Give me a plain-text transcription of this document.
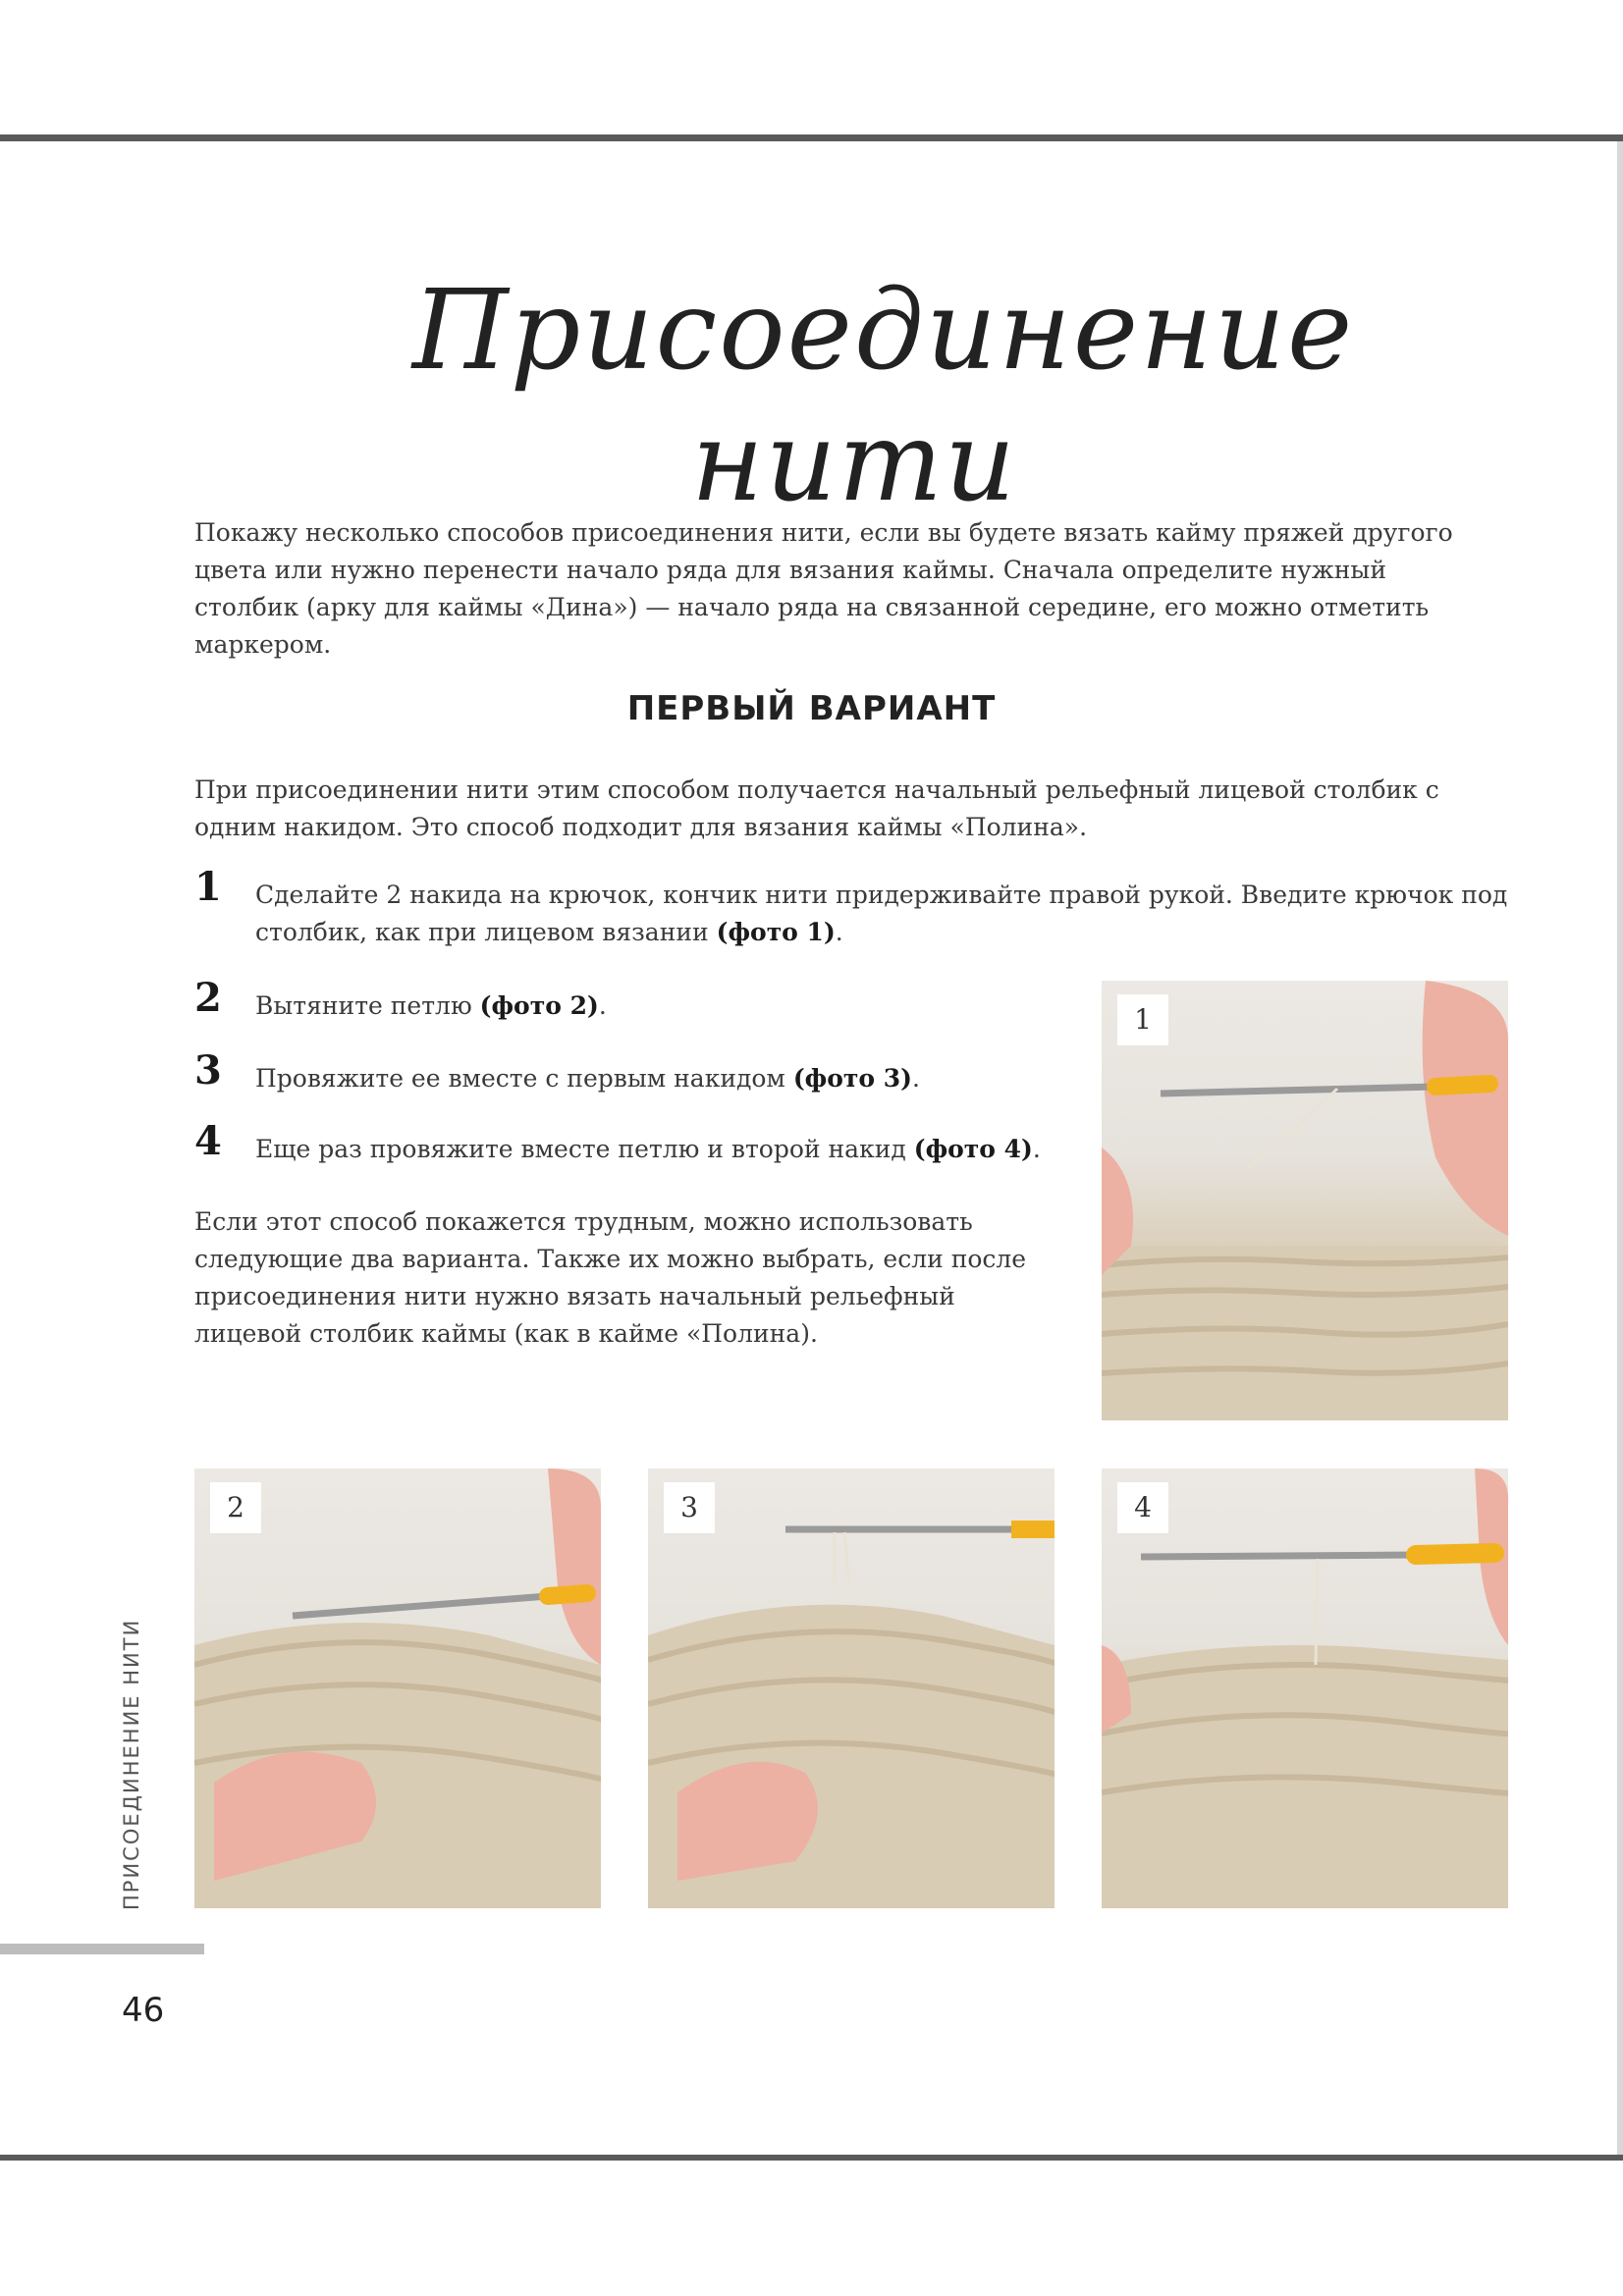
Присоединение нити

Покажу несколько способов присоединения нити, если вы будете вязать кайму пряжей другого цвета или нужно перенести начало ряда для вязания каймы. Сначала определите нужный столбик (арку для каймы «Дина») — начало ряда на связанной середине, его можно отметить маркером.

ПЕРВЫЙ ВАРИАНТ

При присоединении нити этим способом получается начальный рельефный лицевой столбик с одним накидом. Это способ подходит для вязания каймы «Полина».

1	Сделайте 2 накида на крючок, кончик нити придерживайте правой рукой. Введите крючок под столбик, как при лицевом вязании (фото 1).
2	Вытяните петлю (фото 2).
3	Провяжите ее вместе с первым накидом (фото 3).
4	Еще раз провяжите вместе петлю и второй накид (фото 4).

Если этот способ покажется трудным, можно использовать следующие два варианта. Также их можно выбрать, если после присоединения нити нужно вязать начальный рельефный лицевой столбик каймы (как в кайме «Полина).

1
2	3	4
ПРИСОЕДИНЕНИЕ НИТИ
46
